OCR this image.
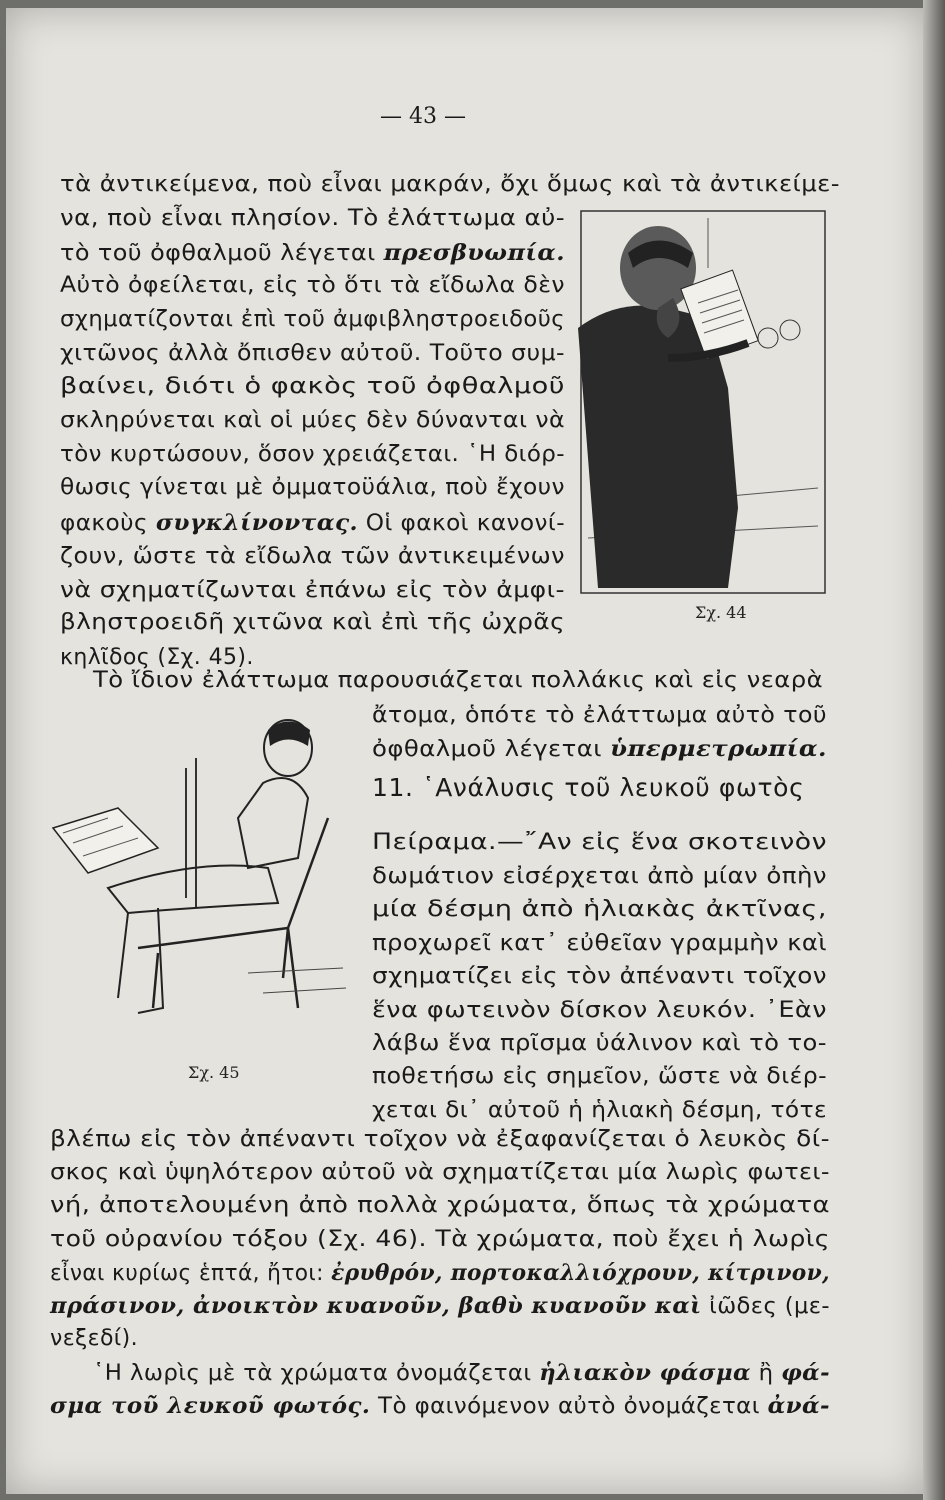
— 43 —
Σχ. 44
Σχ. 45
11. ῾Ανάλυσις τοῦ λευκοῦ φωτὸς
τὰ ἀντικείμενα, ποὺ εἶναι μακράν, ὄχι ὅμως καὶ τὰ ἀντικείμε-
να, ποὺ εἶναι πλησίον. Τὸ ἐλάττωμα αὐ-
τὸ τοῦ ὀφθαλμοῦ λέγεται πρεσβυωπία.
Αὐτὸ ὀφείλεται, εἰς τὸ ὅτι τὰ εἴδωλα δὲν
σχηματίζονται ἐπὶ τοῦ ἀμφιβληστροειδοῦς
χιτῶνος ἀλλὰ ὄπισθεν αὐτοῦ. Τοῦτο συμ-
βαίνει, διότι ὁ φακὸς τοῦ ὀφθαλμοῦ
σκληρύνεται καὶ οἱ μύες δὲν δύνανται νὰ
τὸν κυρτώσουν, ὅσον χρειάζεται. ῾Η διόρ-
θωσις γίνεται μὲ ὀμματοϋάλια, ποὺ ἔχουν
φακοὺς συγκλίνοντας. Οἱ φακοὶ κανονί-
ζουν, ὥστε τὰ εἴδωλα τῶν ἀντικειμένων
νὰ σχηματίζωνται ἐπάνω εἰς τὸν ἀμφι-
βληστροειδῆ χιτῶνα καὶ ἐπὶ τῆς ὠχρᾶς
κηλῖδος (Σχ. 45).
Τὸ ἴδιον ἐλάττωμα παρουσιάζεται πολλάκις καὶ εἰς νεαρὰ
ἄτομα, ὁπότε τὸ ἐλάττωμα αὐτὸ τοῦ
ὀφθαλμοῦ λέγεται ὑπερμετρωπία.
Πείραμα.—῎Αν εἰς ἕνα σκοτεινὸν
δωμάτιον εἰσέρχεται ἀπὸ μίαν ὀπὴν
μία δέσμη ἀπὸ ἡλιακὰς ἀκτῖνας,
προχωρεῖ κατ᾽ εὐθεῖαν γραμμὴν καὶ
σχηματίζει εἰς τὸν ἀπέναντι τοῖχον
ἕνα φωτεινὸν δίσκον λευκόν. ᾿Εὰν
λάβω ἕνα πρῖσμα ὑάλινον καὶ τὸ το-
ποθετήσω εἰς σημεῖον, ὥστε νὰ διέρ-
χεται δι᾽ αὐτοῦ ἡ ἡλιακὴ δέσμη, τότε
βλέπω εἰς τὸν ἀπέναντι τοῖχον νὰ ἐξαφανίζεται ὁ λευκὸς δί-
σκος καὶ ὑψηλότερον αὐτοῦ νὰ σχηματίζεται μία λωρὶς φωτει-
νή, ἀποτελουμένη ἀπὸ πολλὰ χρώματα, ὅπως τὰ χρώματα
τοῦ οὐρανίου τόξου (Σχ. 46). Τὰ χρώματα, ποὺ ἔχει ἡ λωρὶς
εἶναι κυρίως ἑπτά, ἤτοι: ἐρυθρόν, πορτοκαλλιόχρουν, κίτρινον,
πράσινον, ἀνοικτὸν κυανοῦν, βαθὺ κυανοῦν καὶ ἰῶδες (με-
νεξεδί).
῾Η λωρὶς μὲ τὰ χρώματα ὀνομάζεται ἡλιακὸν φάσμα ἢ φά-
σμα τοῦ λευκοῦ φωτός. Τὸ φαινόμενον αὐτὸ ὀνομάζεται ἀνά-
